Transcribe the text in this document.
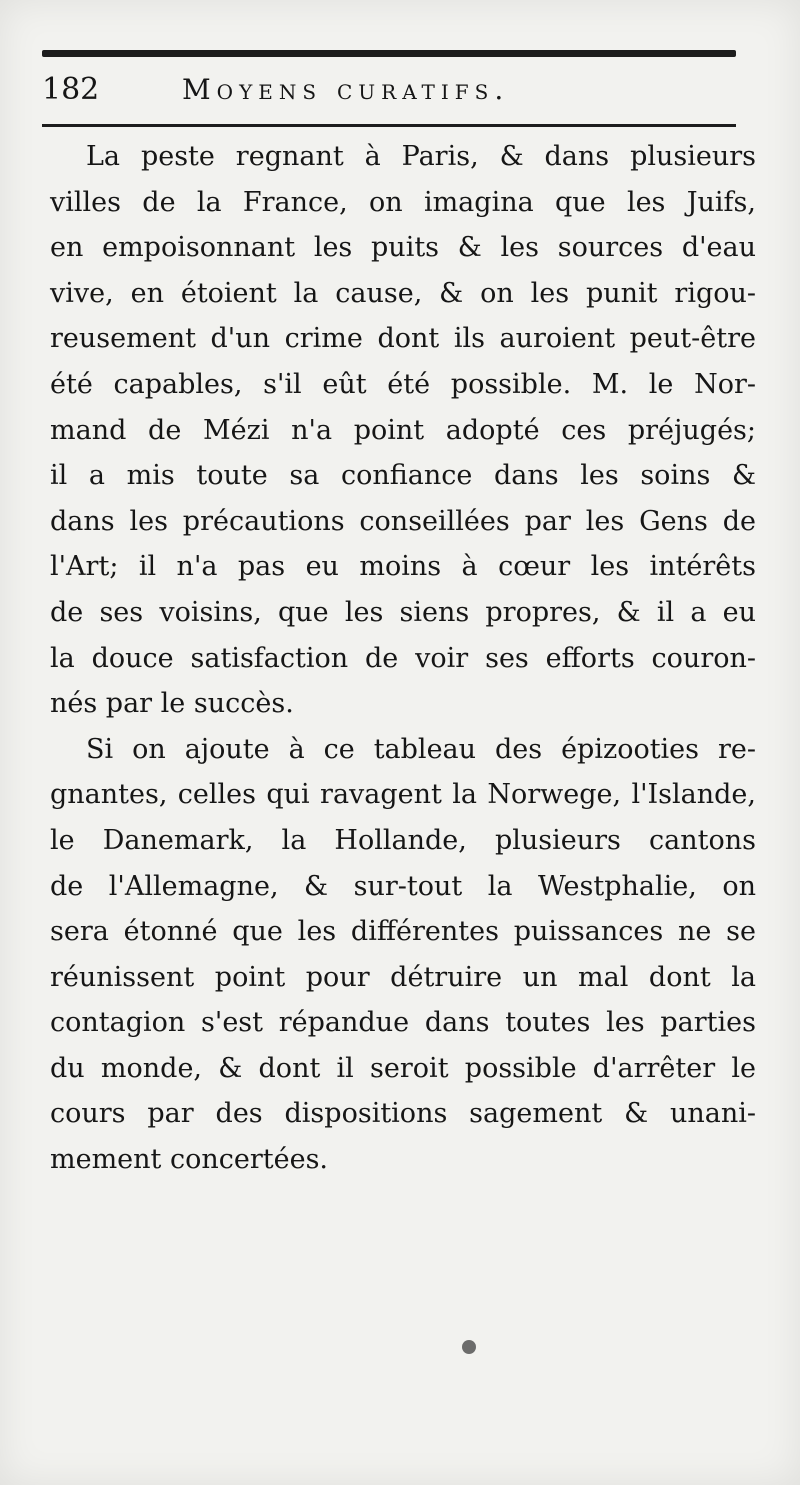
182	Moyens curatifs.
La peste regnant à Paris, & dans plusieurs
villes de la France, on imagina que les Juifs,
en empoisonnant les puits & les sources d'eau
vive, en étoient la cause, & on les punit rigou-
reusement d'un crime dont ils auroient peut-être
été capables, s'il eût été possible. M. le Nor-
mand de Mézi n'a point adopté ces préjugés;
il a mis toute sa confiance dans les soins &
dans les précautions conseillées par les Gens de
l'Art; il n'a pas eu moins à cœur les intérêts
de ses voisins, que les siens propres, & il a eu
la douce satisfaction de voir ses efforts couron-
nés par le succès.
Si on ajoute à ce tableau des épizooties re-
gnantes, celles qui ravagent la Norwege, l'Islande,
le Danemark, la Hollande, plusieurs cantons
de l'Allemagne, & sur-tout la Westphalie, on
sera étonné que les différentes puissances ne se
réunissent point pour détruire un mal dont la
contagion s'est répandue dans toutes les parties
du monde, & dont il seroit possible d'arrêter le
cours par des dispositions sagement & unani-
mement concertées.
